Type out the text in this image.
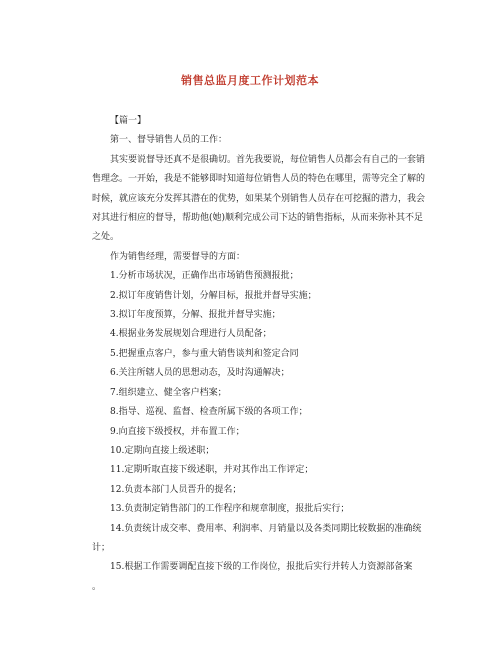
销售总监月度工作计划范本

【篇一】

第一、督导销售人员的工作：

其实要说督导还真不是很确切。首先我要说，每位销售人员都会有自己的一套销售理念。一开始，我是不能够即时知道每位销售人员的特色在哪里，需等完全了解的时候，就应该充分发挥其潜在的优势，如果某个别销售人员存在可挖掘的潜力，我会对其进行相应的督导，帮助他(她)顺利完成公司下达的销售指标，从而来弥补其不足之处。

作为销售经理，需要督导的方面：

1.分析市场状况，正确作出市场销售预测报批；

2.拟订年度销售计划，分解目标，报批并督导实施；

3.拟订年度预算，分解、报批并督导实施；

4.根据业务发展规划合理进行人员配备；

5.把握重点客户，参与重大销售谈判和签定合同

6.关注所辖人员的思想动态，及时沟通解决；

7.组织建立、健全客户档案；

8.指导、巡视、监督、检查所属下级的各项工作；

9.向直接下级授权，并布置工作；

10.定期向直接上级述职；

11.定期听取直接下级述职，并对其作出工作评定；

12.负责本部门人员晋升的提名；

13.负责制定销售部门的工作程序和规章制度，报批后实行；

14.负责统计成交率、费用率、利润率、月销量以及各类同期比较数据的准确统计；

15.根据工作需要调配直接下级的工作岗位，报批后实行并转人力资源部备案

。
